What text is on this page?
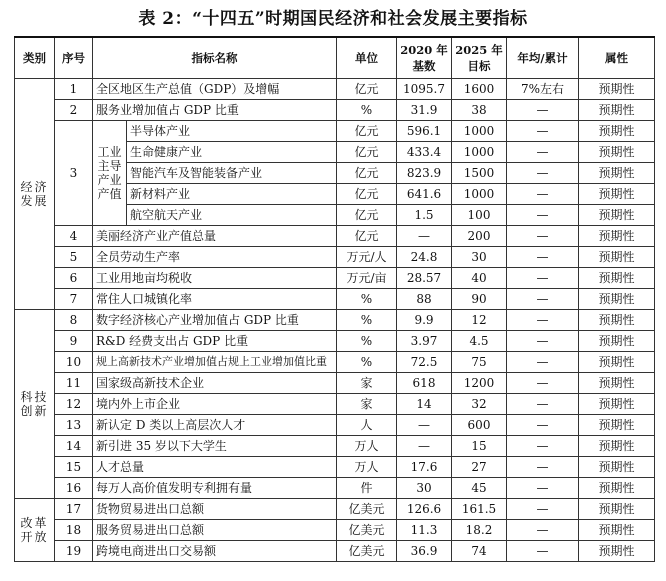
表 2：“十四五”时期国民经济和社会发展主要指标
类别	序号	指标名称		单位	2020 年基数	2025 年目标	年均/累计	属性
经济发展	1	全区地区生产总值（GDP）及增幅		亿元	1095.7	1600	7%左右	预期性
	2	服务业增加值占 GDP 比重		%	31.9	38	—	预期性
	3	工业主导产业产值	半导体产业	亿元	596.1	1000	—	预期性
			生命健康产业	亿元	433.4	1000	—	预期性
			智能汽车及智能装备产业	亿元	823.9	1500	—	预期性
			新材料产业	亿元	641.6	1000	—	预期性
			航空航天产业	亿元	1.5	100	—	预期性
	4	美丽经济产业产值总量		亿元	—	200	—	预期性
	5	全员劳动生产率		万元/人	24.8	30	—	预期性
	6	工业用地亩均税收		万元/亩	28.57	40	—	预期性
	7	常住人口城镇化率		%	88	90	—	预期性
科技创新	8	数字经济核心产业增加值占 GDP 比重		%	9.9	12	—	预期性
	9	R&D 经费支出占 GDP 比重		%	3.97	4.5	—	预期性
	10	规上高新技术产业增加值占规上工业增加值比重		%	72.5	75	—	预期性
	11	国家级高新技术企业		家	618	1200	—	预期性
	12	境内外上市企业		家	14	32	—	预期性
	13	新认定 D 类以上高层次人才		人	—	600	—	预期性
	14	新引进 35 岁以下大学生		万人	—	15	—	预期性
	15	人才总量		万人	17.6	27	—	预期性
	16	每万人高价值发明专利拥有量		件	30	45	—	预期性
改革开放	17	货物贸易进出口总额		亿美元	126.6	161.5	—	预期性
	18	服务贸易进出口总额		亿美元	11.3	18.2	—	预期性
	19	跨境电商进出口交易额		亿美元	36.9	74	—	预期性
